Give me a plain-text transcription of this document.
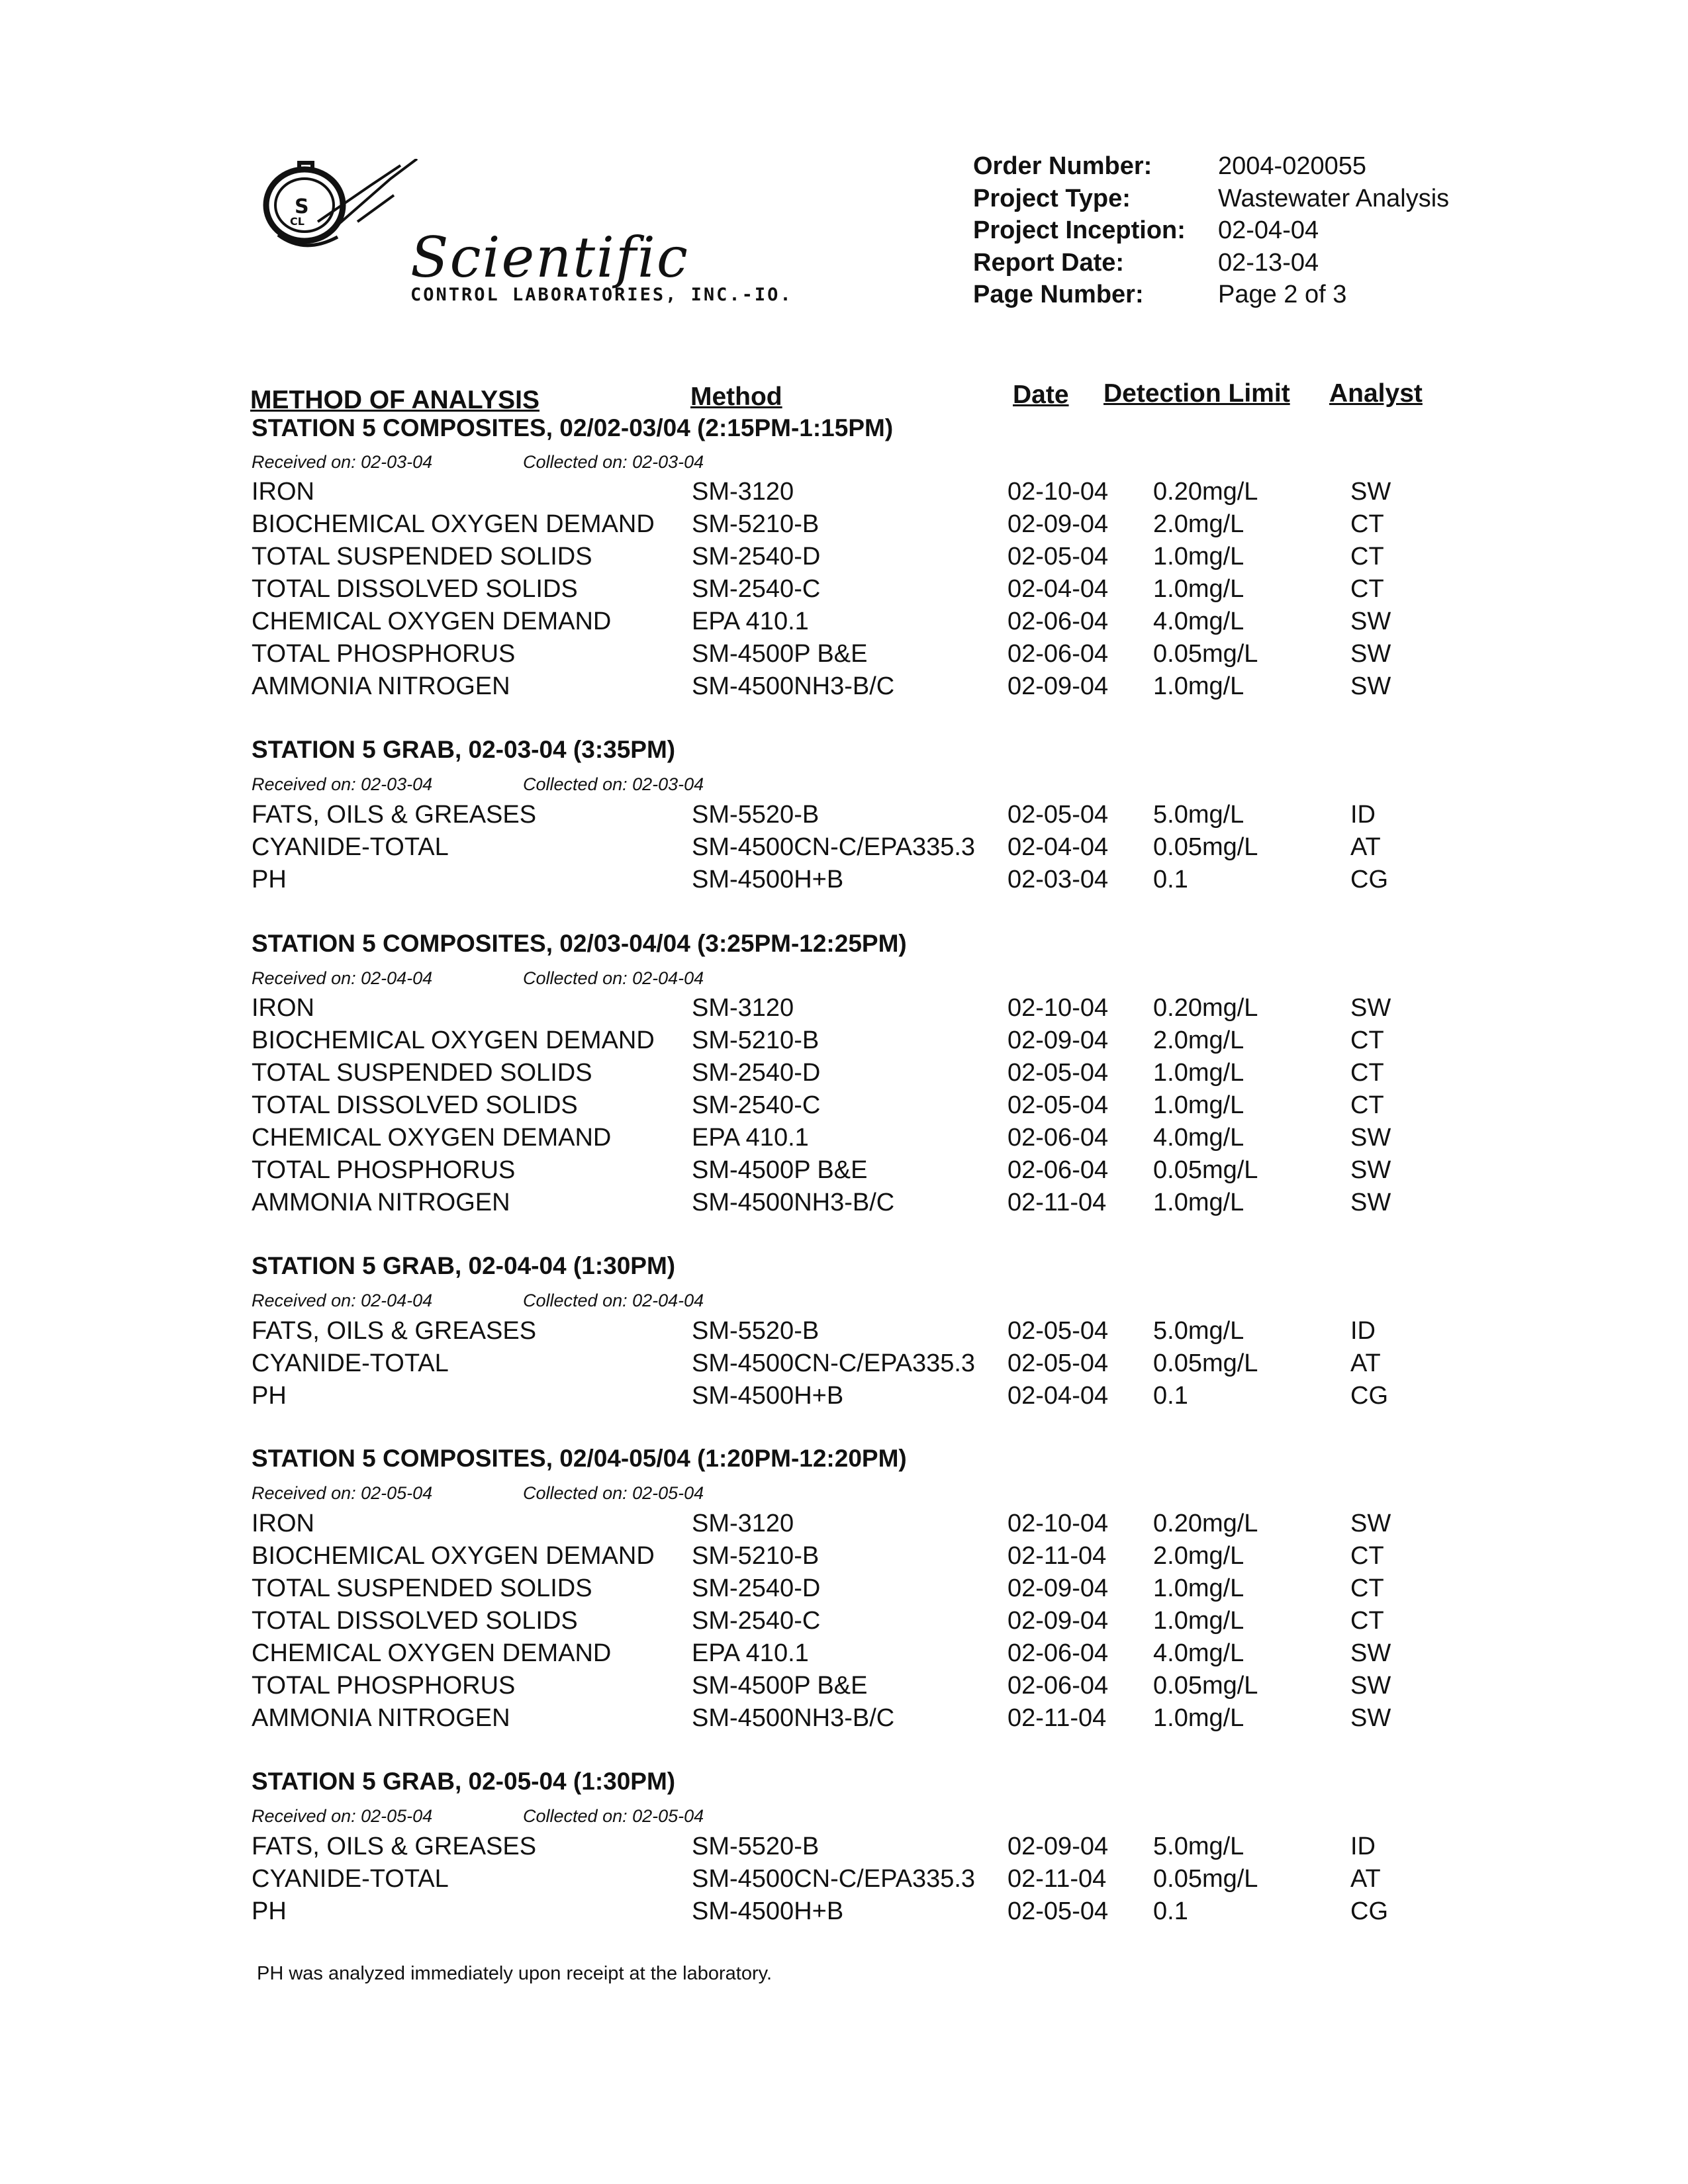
S
CL
Scientific
CONTROL LABORATORIES, INC.-IO.
Order Number:	2004-020055
Project Type:	Wastewater Analysis
Project Inception:	02-04-04
Report Date:	02-13-04
Page Number:	Page 2 of 3
METHOD OF ANALYSIS	Method	Date Detection Limit Analyst
STATION 5 COMPOSITES, 02/02-03/04 (2:15PM-1:15PM)
Received on: 02-03-04	Collected on: 02-03-04
IRON	SM-3120	02-10-04 0.20mg/L	SW
BIOCHEMICAL OXYGEN DEMAND SM-5210-B	02-09-04 2.0mg/L	CT
TOTAL SUSPENDED SOLIDS	SM-2540-D	02-05-04 1.0mg/L	CT
TOTAL DISSOLVED SOLIDS	SM-2540-C	02-04-04 1.0mg/L	CT
CHEMICAL OXYGEN DEMAND	EPA 410.1	02-06-04 4.0mg/L	SW
TOTAL PHOSPHORUS	SM-4500P B&E	02-06-04 0.05mg/L	SW
AMMONIA NITROGEN	SM-4500NH3-B/C	02-09-04 1.0mg/L	SW
STATION 5 GRAB, 02-03-04 (3:35PM)
Received on: 02-03-04	Collected on: 02-03-04
FATS, OILS & GREASES	SM-5520-B	02-05-04 5.0mg/L	ID
CYANIDE-TOTAL	SM-4500CN-C/EPA335.3 02-04-04 0.05mg/L	AT
PH	SM-4500H+B	02-03-04 0.1	CG
STATION 5 COMPOSITES, 02/03-04/04 (3:25PM-12:25PM)
Received on: 02-04-04	Collected on: 02-04-04
IRON	SM-3120	02-10-04 0.20mg/L	SW
BIOCHEMICAL OXYGEN DEMAND SM-5210-B	02-09-04 2.0mg/L	CT
TOTAL SUSPENDED SOLIDS	SM-2540-D	02-05-04 1.0mg/L	CT
TOTAL DISSOLVED SOLIDS	SM-2540-C	02-05-04 1.0mg/L	CT
CHEMICAL OXYGEN DEMAND	EPA 410.1	02-06-04 4.0mg/L	SW
TOTAL PHOSPHORUS	SM-4500P B&E	02-06-04 0.05mg/L	SW
AMMONIA NITROGEN	SM-4500NH3-B/C	02-11-04 1.0mg/L	SW
STATION 5 GRAB, 02-04-04 (1:30PM)
Received on: 02-04-04	Collected on: 02-04-04
FATS, OILS & GREASES	SM-5520-B	02-05-04 5.0mg/L	ID
CYANIDE-TOTAL	SM-4500CN-C/EPA335.3 02-05-04 0.05mg/L	AT
PH	SM-4500H+B	02-04-04 0.1	CG
STATION 5 COMPOSITES, 02/04-05/04 (1:20PM-12:20PM)
Received on: 02-05-04	Collected on: 02-05-04
IRON	SM-3120	02-10-04 0.20mg/L	SW
BIOCHEMICAL OXYGEN DEMAND SM-5210-B	02-11-04 2.0mg/L	CT
TOTAL SUSPENDED SOLIDS	SM-2540-D	02-09-04 1.0mg/L	CT
TOTAL DISSOLVED SOLIDS	SM-2540-C	02-09-04 1.0mg/L	CT
CHEMICAL OXYGEN DEMAND	EPA 410.1	02-06-04 4.0mg/L	SW
TOTAL PHOSPHORUS	SM-4500P B&E	02-06-04 0.05mg/L	SW
AMMONIA NITROGEN	SM-4500NH3-B/C	02-11-04 1.0mg/L	SW
STATION 5 GRAB, 02-05-04 (1:30PM)
Received on: 02-05-04	Collected on: 02-05-04
FATS, OILS & GREASES	SM-5520-B	02-09-04 5.0mg/L	ID
CYANIDE-TOTAL	SM-4500CN-C/EPA335.3 02-11-04 0.05mg/L	AT
PH	SM-4500H+B	02-05-04 0.1	CG
PH was analyzed immediately upon receipt at the laboratory.
